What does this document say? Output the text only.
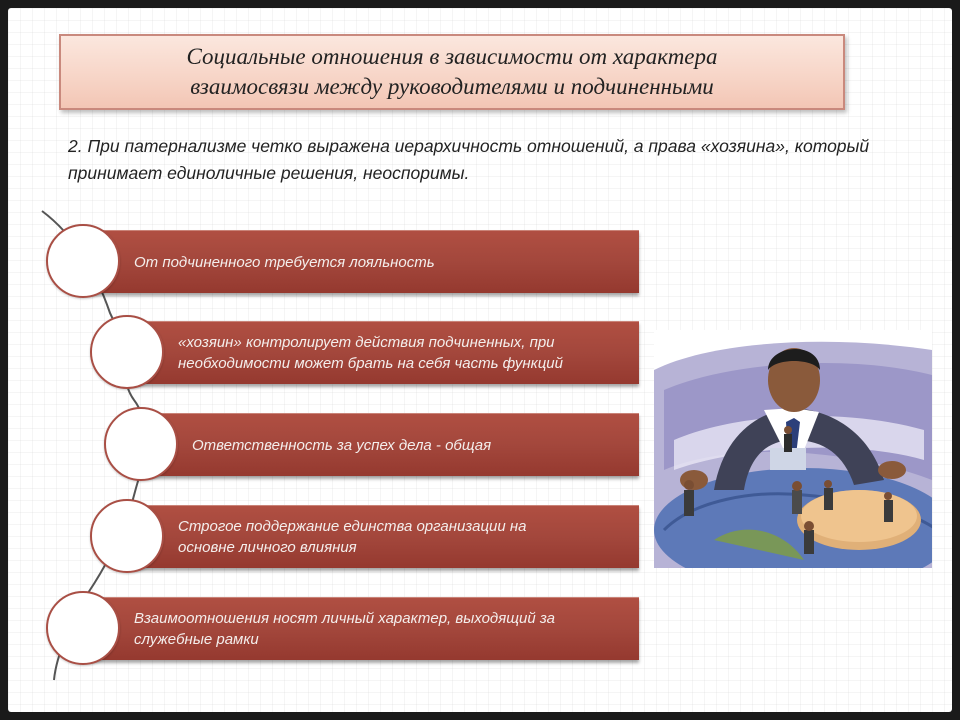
Социальные отношения в зависимости от характера
взаимосвязи между руководителями и подчиненными
2. При патернализме четко выражена иерархичность отношений, а права «хозяина», который принимает единоличные решения, неоспоримы.
От подчиненного требуется лояльность
«хозяин» контролирует действия подчиненных, при
необходимости может брать на себя часть функций
Ответственность за успех дела - общая
Строгое поддержание единства организации на
основне личного влияния
Взаимоотношения носят личный характер, выходящий за
служебные рамки
